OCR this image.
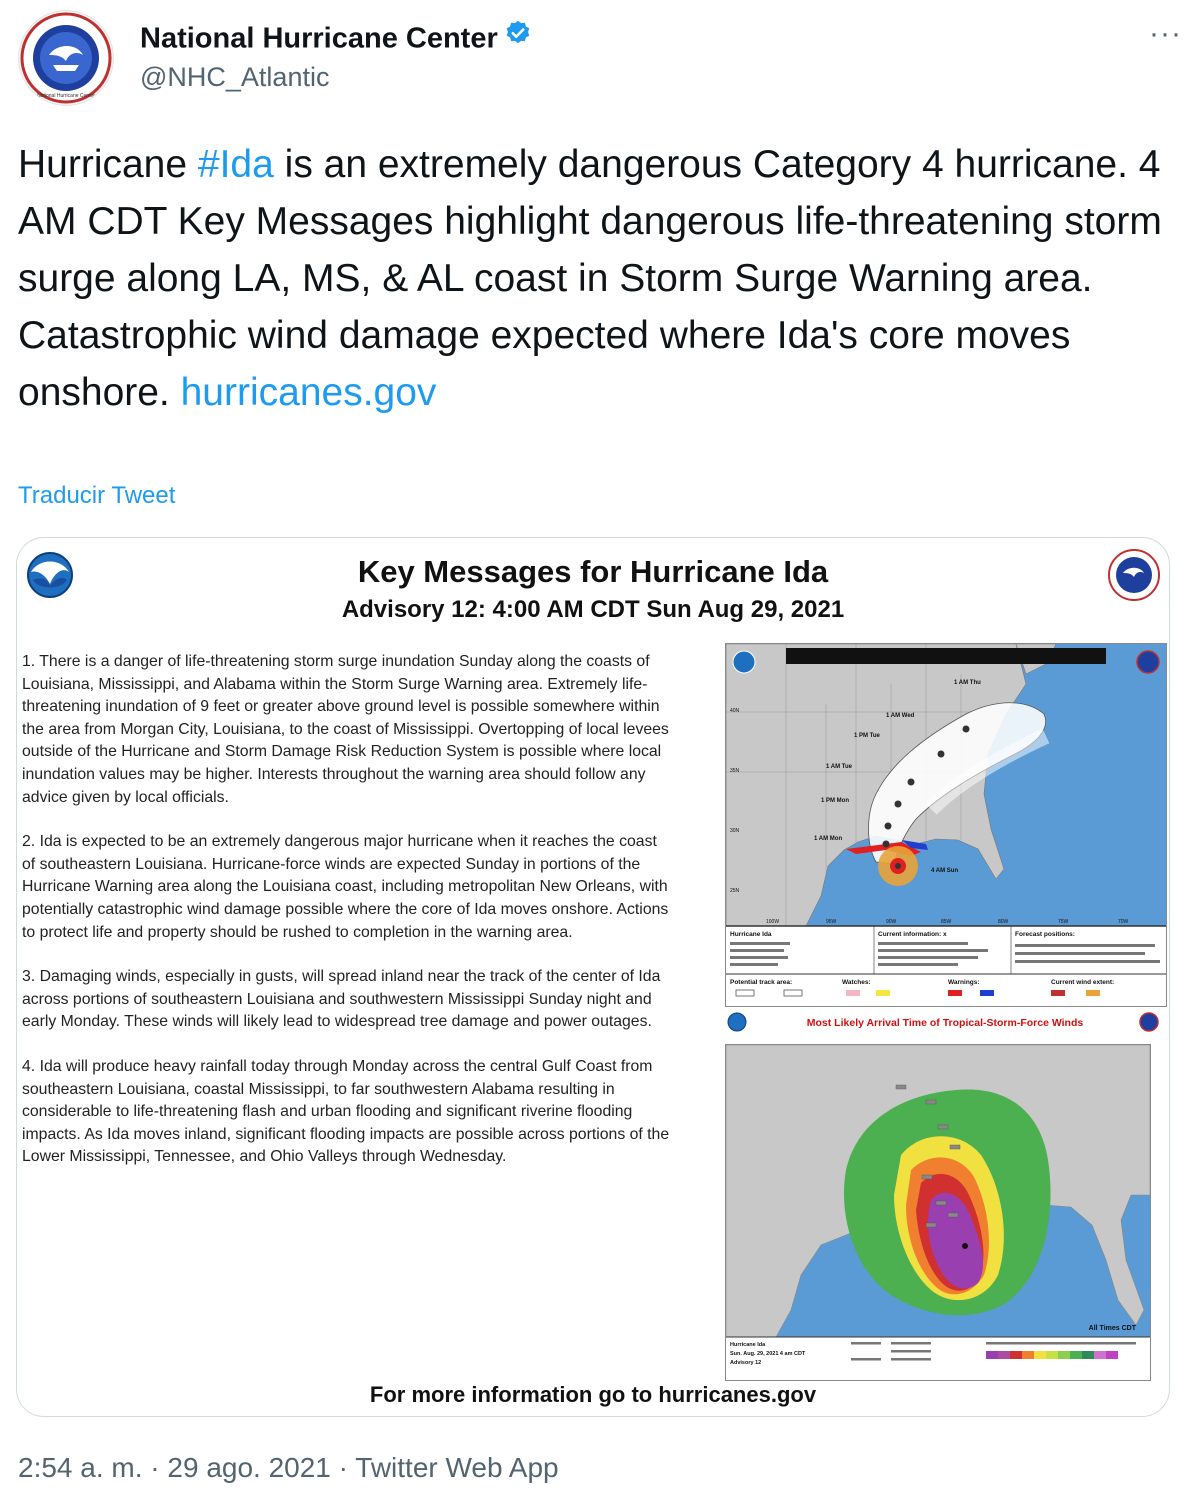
National Hurricane Center
National Hurricane Center
@NHC_Atlantic
···
Hurricane #Ida is an extremely dangerous Category 4 hurricane. 4 AM CDT Key Messages highlight dangerous life-threatening storm surge along LA, MS, & AL coast in Storm Surge Warning area. Catastrophic wind damage expected where Ida's core moves onshore. hurricanes.gov
Traducir Tweet
Key Messages for Hurricane Ida
Advisory 12: 4:00 AM CDT Sun Aug 29, 2021

1. There is a danger of life-threatening storm surge inundation Sunday along the coasts of Louisiana, Mississippi, and Alabama within the Storm Surge Warning area. Extremely life-threatening inundation of 9 feet or greater above ground level is possible somewhere within the area from Morgan City, Louisiana, to the coast of Mississippi. Overtopping of local levees outside of the Hurricane and Storm Damage Risk Reduction System is possible where local inundation values may be higher. Interests throughout the warning area should follow any advice given by local officials.

2. Ida is expected to be an extremely dangerous major hurricane when it reaches the coast of southeastern Louisiana. Hurricane-force winds are expected Sunday in portions of the Hurricane Warning area along the Louisiana coast, including metropolitan New Orleans, with potentially catastrophic wind damage possible where the core of Ida moves onshore. Actions to protect life and property should be rushed to completion in the warning area.

3. Damaging winds, especially in gusts, will spread inland near the track of the center of Ida across portions of southeastern Louisiana and southwestern Mississippi Sunday night and early Monday. These winds will likely lead to widespread tree damage and power outages.

4. Ida will produce heavy rainfall today through Monday across the central Gulf Coast from southeastern Louisiana, coastal Mississippi, to far southwestern Alabama resulting in considerable to life-threatening flash and urban flooding and significant riverine flooding impacts. As Ida moves inland, significant flooding impacts are possible across portions of the Lower Mississippi, Tennessee, and Ohio Valleys through Wednesday.

4 AM Sun
1 AM Mon
1 PM Mon
1 AM Tue
1 PM Tue
1 AM Wed
1 AM Thu
40N
35N
30N
25N
100W	95W	90W	85W	80W	75W	70W
Hurricane Ida	Current information: x	Forecast positions:
Potential track area:	Watches:	Warnings:	Current wind extent:
Most Likely Arrival Time of Tropical-Storm-Force Winds
All Times CDT
Hurricane Ida
Sun. Aug. 29, 2021 4 am CDT
Advisory 12
For more information go to hurricanes.gov
2:54 a. m. · 29 ago. 2021 · Twitter Web App
